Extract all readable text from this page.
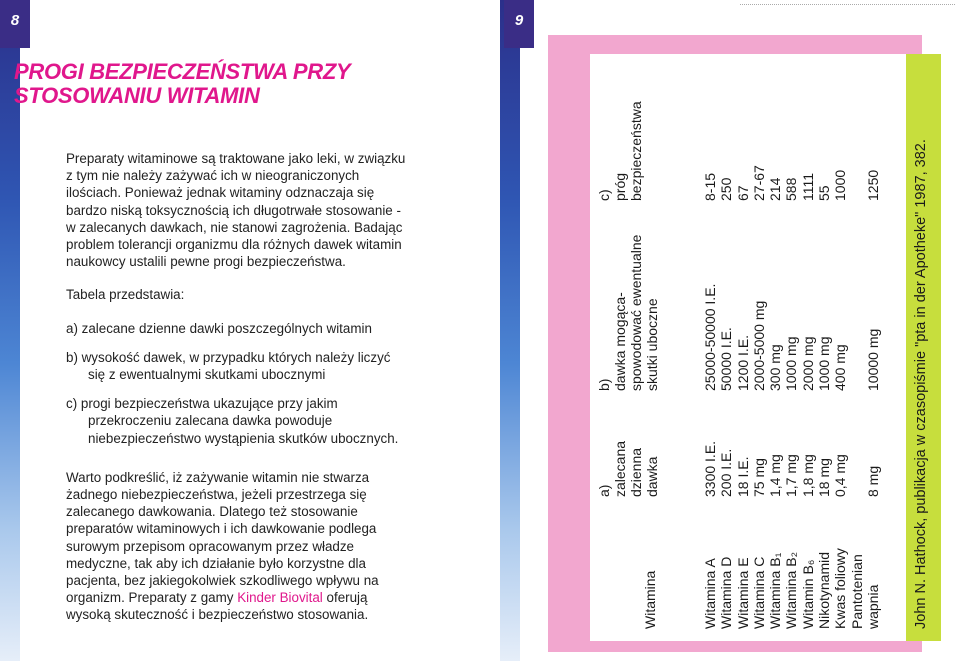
8
PROGI BEZPIECZEŃSTWA PRZY STOSOWANIU WITAMIN

Preparaty witaminowe są traktowane jako leki, w związku z tym nie należy zażywać ich w nieograniczonych ilościach. Ponieważ jednak witaminy odznaczaja się bardzo niską toksycznością ich długotrwałe stosowanie - w zalecanych dawkach, nie stanowi zagrożenia. Badając problem tolerancji organizmu dla różnych dawek witamin naukowcy ustalili pewne progi bezpieczeństwa.

Tabela przedstawia:

a) zalecane dzienne dawki poszczególnych witamin
b) wysokość dawek, w przypadku których należy liczyć się z ewentualnymi skutkami ubocznymi
c) progi bezpieczeństwa ukazujące przy jakim przekroczeniu zalecana dawka powoduje niebezpieczeństwo wystąpienia skutków ubocznych.

Warto podkreślić, iż zażywanie witamin nie stwarza żadnego niebezpieczeństwa, jeżeli przestrzega się zalecanego dawkowania. Dlatego też stosowanie preparatów witaminowych i ich dawkowanie podlega surowym przepisom opracowanym przez władze medyczne, tak aby ich działanie było korzystne dla pacjenta, bez jakiegokolwiek szkodliwego wpływu na organizm. Preparaty z gamy Kinder Biovital oferują wysoką skuteczność i bezpieczeństwo stosowania.

9
Witamina
a)
zalecana
dzienna
dawka
b)
dawka mogąca-
spowodować ewentualne
skutki uboczne
c)
próg
bezpieczeństwa
Witamina A
3300 I.E.
25000-50000 I.E.
8-15
Witamina D
200 I.E.
50000 I.E.
250
Witamina E
18 I.E.
1200 I.E.
67
Witamina C
75 mg
2000-5000 mg
27-67
Witamina B₁
1,4 mg
300 mg
214
Witamina B₂
1,7 mg
1000 mg
588
Witamin B₆
1,8 mg
2000 mg
1111
Nikotynamid
18 mg
1000 mg
55
Kwas foliowy
0,4 mg
400 mg
1000
Pantotenian wapnia
8 mg
10000 mg
1250 John N. Hathock, publikacja w czasopiśmie "pta in der Apotheke" 1987, 382.
